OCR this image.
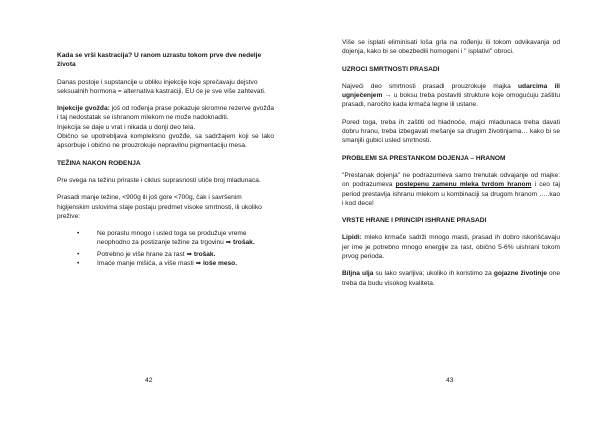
Kada se vrši kastracija? U ranom uzrastu tokom prve dve nedelje života

Danas postoje i supstancije u obliku injekcije koje sprečavaju dejstvo seksualnih hormona = alternativa kastraciji, EU će je sve više zahtevati.

Injekcije gvožđa: još od rođenja prase pokazuje skromne rezerve gvožđa i taj nedostatak se ishranom mlekom ne može nadoknaditi.

Injekcija se daje u vrat i nikada u donji deo tela.

Obično se upotrebljava kompleksno gvožđe, sa sadržajem koji se lako apsorbuje i obično ne prouzrokuje nepravilnu pigmentaciju mesa.

TEŽINA NAKON ROĐENJA

Pre svega na težinu priraste i ciklus suprasnosti utiče broj mladunaca.

Prasadi manje težine, <900g ili još gore <700g, čak i savršenim higijenskim uslovima staje postaju predmet visoke smrtnosti, ili ukoliko prežive:

•	Ne porastu mnogo i usled toga se produžuje vreme neophodno za postizanje težine za trgovinu ➡ trošak.
•	Potrebno je više hrane za rast ➡ trošak.
•	Imaće manje mišića, a više masti ➡ loše meso.
42

Više se isplati eliminisati loša grla na rođenju ili tokom odvikavanja od dojenja, kako bi se obezbedili homogeni i " isplativi" obroci.

UZROCI SMRTNOSTI PRASADI

Najveći deo smrtnosti prasadi prouzrokuje majka udarcima ili ugnječenjem → u boksu treba postaviti strukture koje omogućuju zaštitu prasadi, naročito kada krmača legne ili ustane.

Pored toga, treba ih zaštiti od hladnoće, majci mladunaca treba davati dobru hranu, treba izbegavati mešanje sa drugim životinjama… kako bi se smanjili gubici usled smrtnosti.

PROBLEMI SA PRESTANKOM DOJENJA – HRANOM

"Prestanak dojenja" ne podrazumeva samo trenutak odvajanje od majke: on podrazumeva postepenu zamenu mleka tvrdom hranom i ceo taj period prestavlja ishranu mlekom u kombinaciji sa drugom hranom …..kao i kod dece!

VRSTE HRANE I PRINCIPI ISHRANE PRASADI

Lipidi: mleko krmače sadrži mnogo masti, prasad ih dobro iskorišćavaju jer ime je potrebno mnogo energije za rast, obično 5-6% uishrani tokom prvog perioda.

Biljna ulja su lako svarljiva; ukoliko ih koristimo za gojazne životinje one treba da budu visokog kvaliteta.

43
